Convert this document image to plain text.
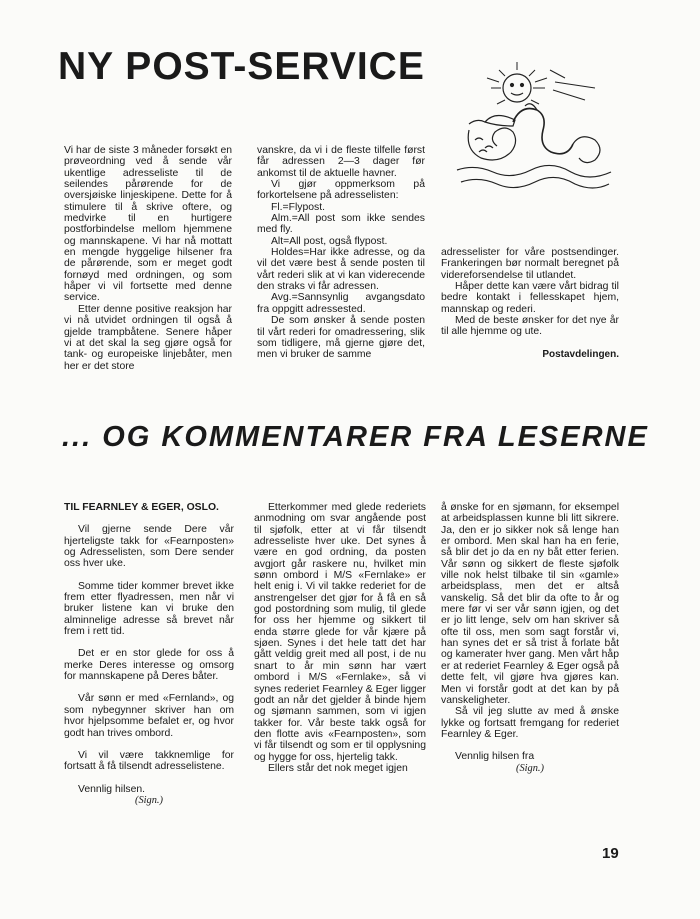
NY POST-SERVICE

Vi har de siste 3 måneder forsøkt en prøveordning ved å sende vår ukentlige adresseliste til de seilendes pårørende for de oversjøiske linjeskipene. Dette for å stimulere til å skrive oftere, og medvirke til en hurtigere postforbindelse mellom hjemmene og mannskapene. Vi har nå mottatt en mengde hyggelige hilsener fra de pårørende, som er meget godt fornøyd med ordningen, og som håper vi vil fortsette med denne service.

Etter denne positive reaksjon har vi nå utvidet ordningen til også å gjelde trampbåtene. Senere håper vi at det skal la seg gjøre også for tank- og europeiske linjebåter, men her er det store

vanskre, da vi i de fleste tilfelle først får adressen 2—3 dager før ankomst til de aktuelle havner.

Vi gjør oppmerksom på forkortelsene på adresselisten:

Fl.=Flypost.

Alm.=All post som ikke sendes med fly.

Alt=All post, også flypost.

Holdes=Har ikke adresse, og da vil det være best å sende posten til vårt rederi slik at vi kan viderесende den straks vi får adressen.

Avg.=Sannsynlig avgangsdato fra oppgitt adressested.

De som ønsker å sende posten til vårt rederi for omadressering, slik som tidligere, må gjerne gjøre det, men vi bruker de samme

adresselister for våre postsendinger. Frankeringen bør normalt beregnet på videreforsendelse til utlandet.

Håper dette kan være vårt bidrag til bedre kontakt i fellesskapet hjem, mannskap og rederi.

Med de beste ønsker for det nye år til alle hjemme og ute.

Postavdelingen.

... OG KOMMENTARER FRA LESERNE

TIL FEARNLEY & EGER, OSLO.

Vil gjerne sende Dere vår hjerteligste takk for «Fearnposten» og Adresselisten, som Dere sender oss hver uke.

Somme tider kommer brevet ikke frem etter flyadressen, men når vi bruker listene kan vi bruke den alminnelige adresse så brevet når frem i rett tid.

Det er en stor glede for oss å merke Deres interesse og omsorg for mannskapene på Deres båter.

Vår sønn er med «Fernland», og som nybegynner skriver han om hvor hjelpsomme befalet er, og hvor godt han trives ombord.

Vi vil være takknemlige for fortsatt å få tilsendt adresselistene.

Vennlig hilsen.

(Sign.)

Etterkommer med glede rederiets anmodning om svar angående post til sjøfolk, etter at vi får tilsendt adresseliste hver uke. Det synes å være en god ordning, da posten avgjort går raskere nu, hvilket min sønn ombord i M/S «Fernlake» er helt enig i. Vi vil takke rederiet for de anstrengelser det gjør for å få en så god postordning som mulig, til glede for oss her hjemme og sikkert til enda større glede for vår kjære på sjøen. Synes i det hele tatt det har gått veldig greit med all post, i de nu snart to år min sønn har vært ombord i M/S «Fernlake», så vi synes rederiet Fearnley & Eger ligger godt an når det gjelder å binde hjem og sjømann sammen, som vi igjen takker for. Vår beste takk også for den flotte avis «Fearnposten», som vi får tilsendt og som er til opplysning og hygge for oss, hjertelig takk.

Ellers står det nok meget igjen

å ønske for en sjømann, for eksempel at arbeidsplassen kunne bli litt sikrere. Ja, den er jo sikker nok så lenge han er ombord. Men skal han ha en ferie, så blir det jo da en ny båt etter ferien. Vår sønn og sikkert de fleste sjøfolk ville nok helst tilbake til sin «gamle» arbeidsplass, men det er altså vanskelig. Så det blir da ofte to år og mere før vi ser vår sønn igjen, og det er jo litt lenge, selv om han skriver så ofte til oss, men som sagt forstår vi, han synes det er så trist å forlate båt og kamerater hver gang. Men vårt håp er at rederiet Fearnley & Eger også på dette felt, vil gjøre hva gjøres kan. Men vi forstår godt at det kan by på vanskeligheter.

Så vil jeg slutte av med å ønske lykke og fortsatt fremgang for rederiet Fearnley & Eger.

Vennlig hilsen fra

(Sign.)

19
